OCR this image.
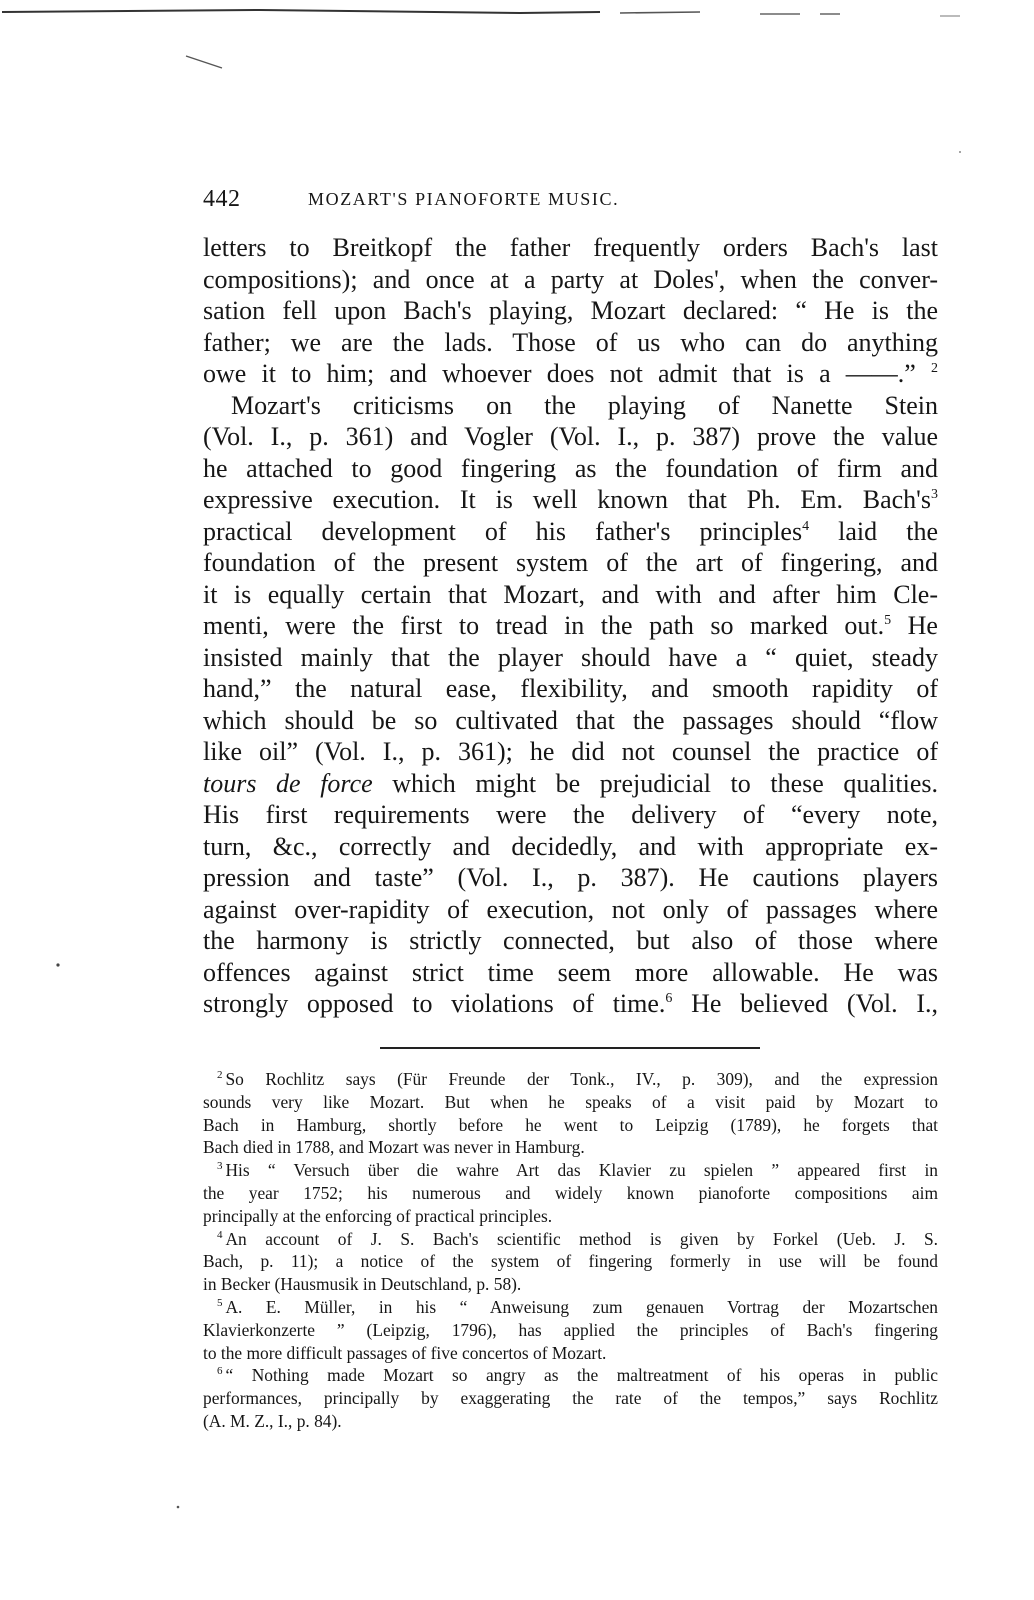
442	MOZART'S PIANOFORTE MUSIC.
letters to Breitkopf the father frequently orders Bach's last
compositions); and once at a party at Doles', when the conver-
sation fell upon Bach's playing, Mozart declared: “ He is the
father; we are the lads. Those of us who can do anything
owe it to him; and whoever does not admit that is a ——.” $^2$
Mozart's criticisms on the playing of Nanette Stein
(Vol. I., p. 361) and Vogler (Vol. I., p. 387) prove the value
he attached to good fingering as the foundation of firm and
expressive execution. It is well known that Ph. Em. $Bach's^3$
practical development of his father's principles$^4$ laid the
foundation of the present system of the art of fingering, and
it is equally certain that Mozart, and with and after him Cle-
menti, were the first to tread in the path so marked out.$^5$ He
insisted mainly that the player should have a “ quiet, steady
hand,” the natural ease, flexibility, and smooth rapidity of
which should be so cultivated that the passages should “flow
like oil” (Vol. I., p. 361); he did not counsel the practice of
tours de force which might be prejudicial to these qualities.
His first requirements were the delivery of “every note,
turn, &c., correctly and decidedly, and with appropriate ex-
pression and taste” (Vol. I., p. 387). He cautions players
against over-rapidity of execution, not only of passages where
the harmony is strictly connected, but also of those where
offences against strict time seem more allowable. He was
strongly opposed to violations of time.$^6$ He believed (Vol. I.,
$^2$ So Rochlitz says (Für Freunde der Tonk., IV., p. 309), and the expression
sounds very like Mozart. But when he speaks of a visit paid by Mozart to
Bach in Hamburg, shortly before he went to Leipzig (1789), he forgets that
Bach died in 1788, and Mozart was never in Hamburg.
$^3$ His “ Versuch über die wahre Art das Klavier zu spielen ” appeared first in
the year 1752; his numerous and widely known pianoforte compositions aim
principally at the enforcing of practical principles.
$^4$ An account of J. S. Bach's scientific method is given by Forkel (Ueb. J. S.
Bach, p. 11); a notice of the system of fingering formerly in use will be found
in Becker (Hausmusik in Deutschland, p. 58).
$^5$ A. E. Müller, in his “ Anweisung zum genauen Vortrag der Mozartschen
Klavierkonzerte ” (Leipzig, 1796), has applied the principles of Bach's fingering
to the more difficult passages of five concertos of Mozart.
$^6$ “ Nothing made Mozart so angry as the maltreatment of his operas in public
performances, principally by exaggerating the rate of the tempos,” says Rochlitz
(A. M. Z., I., p. 84).
